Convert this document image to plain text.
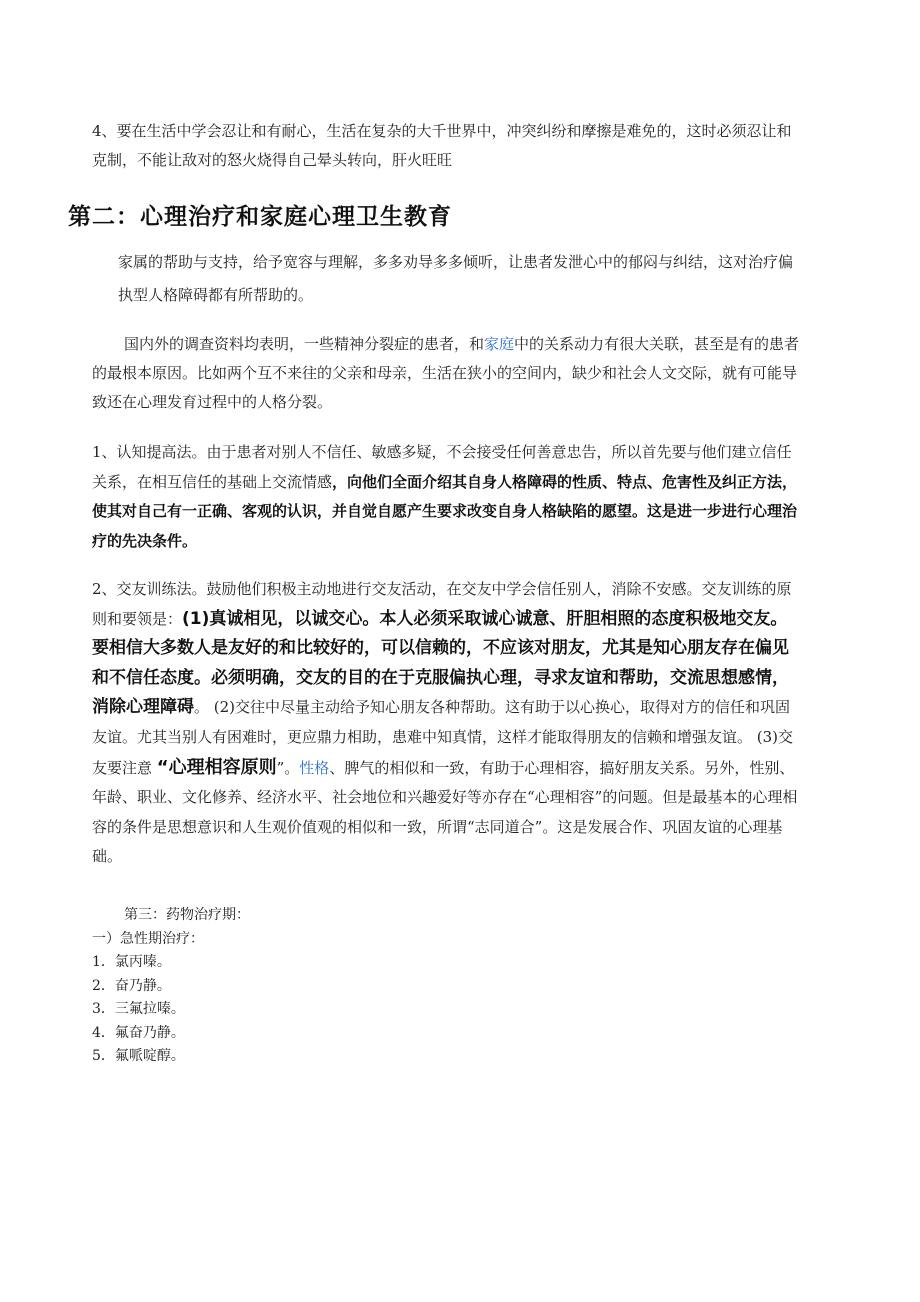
4、要在生活中学会忍让和有耐心，生活在复杂的大千世界中，冲突纠纷和摩擦是难免的，这时必须忍让和克制，不能让敌对的怒火烧得自己晕头转向，肝火旺旺

第二：心理治疗和家庭心理卫生教育

家属的帮助与支持，给予宽容与理解，多多劝导多多倾听，让患者发泄心中的郁闷与纠结，这对治疗偏执型人格障碍都有所帮助的。

国内外的调查资料均表明，一些精神分裂症的患者，和家庭中的关系动力有很大关联，甚至是有的患者的最根本原因。比如两个互不来往的父亲和母亲，生活在狭小的空间内，缺少和社会人文交际，就有可能导致还在心理发育过程中的人格分裂。

1、认知提高法。由于患者对别人不信任、敏感多疑，不会接受任何善意忠告，所以首先要与他们建立信任关系，在相互信任的基础上交流情感，向他们全面介绍其自身人格障碍的性质、特点、危害性及纠正方法，使其对自己有一正确、客观的认识，并自觉自愿产生要求改变自身人格缺陷的愿望。这是进一步进行心理治疗的先决条件。

2、交友训练法。鼓励他们积极主动地进行交友活动，在交友中学会信任别人，消除不安感。交友训练的原则和要领是：(1)真诚相见，以诚交心。本人必须采取诚心诚意、肝胆相照的态度积极地交友。要相信大多数人是友好的和比较好的，可以信赖的，不应该对朋友，尤其是知心朋友存在偏见和不信任态度。必须明确，交友的目的在于克服偏执心理，寻求友谊和帮助，交流思想感情，消除心理障碍。 (2)交往中尽量主动给予知心朋友各种帮助。这有助于以心换心，取得对方的信任和巩固友谊。尤其当别人有困难时，更应鼎力相助，患难中知真情，这样才能取得朋友的信赖和增强友谊。 (3)交友要注意 “心理相容原则”。性格、脾气的相似和一致，有助于心理相容，搞好朋友关系。另外，性别、年龄、职业、文化修养、经济水平、社会地位和兴趣爱好等亦存在“心理相容”的问题。但是最基本的心理相容的条件是思想意识和人生观价值观的相似和一致，所谓“志同道合”。这是发展合作、巩固友谊的心理基础。

第三：药物治疗期：
一）急性期治疗：
1．氯丙嗪。
2．奋乃静。
3．三氟拉嗪。
4．氟奋乃静。
5．氟哌啶醇。
